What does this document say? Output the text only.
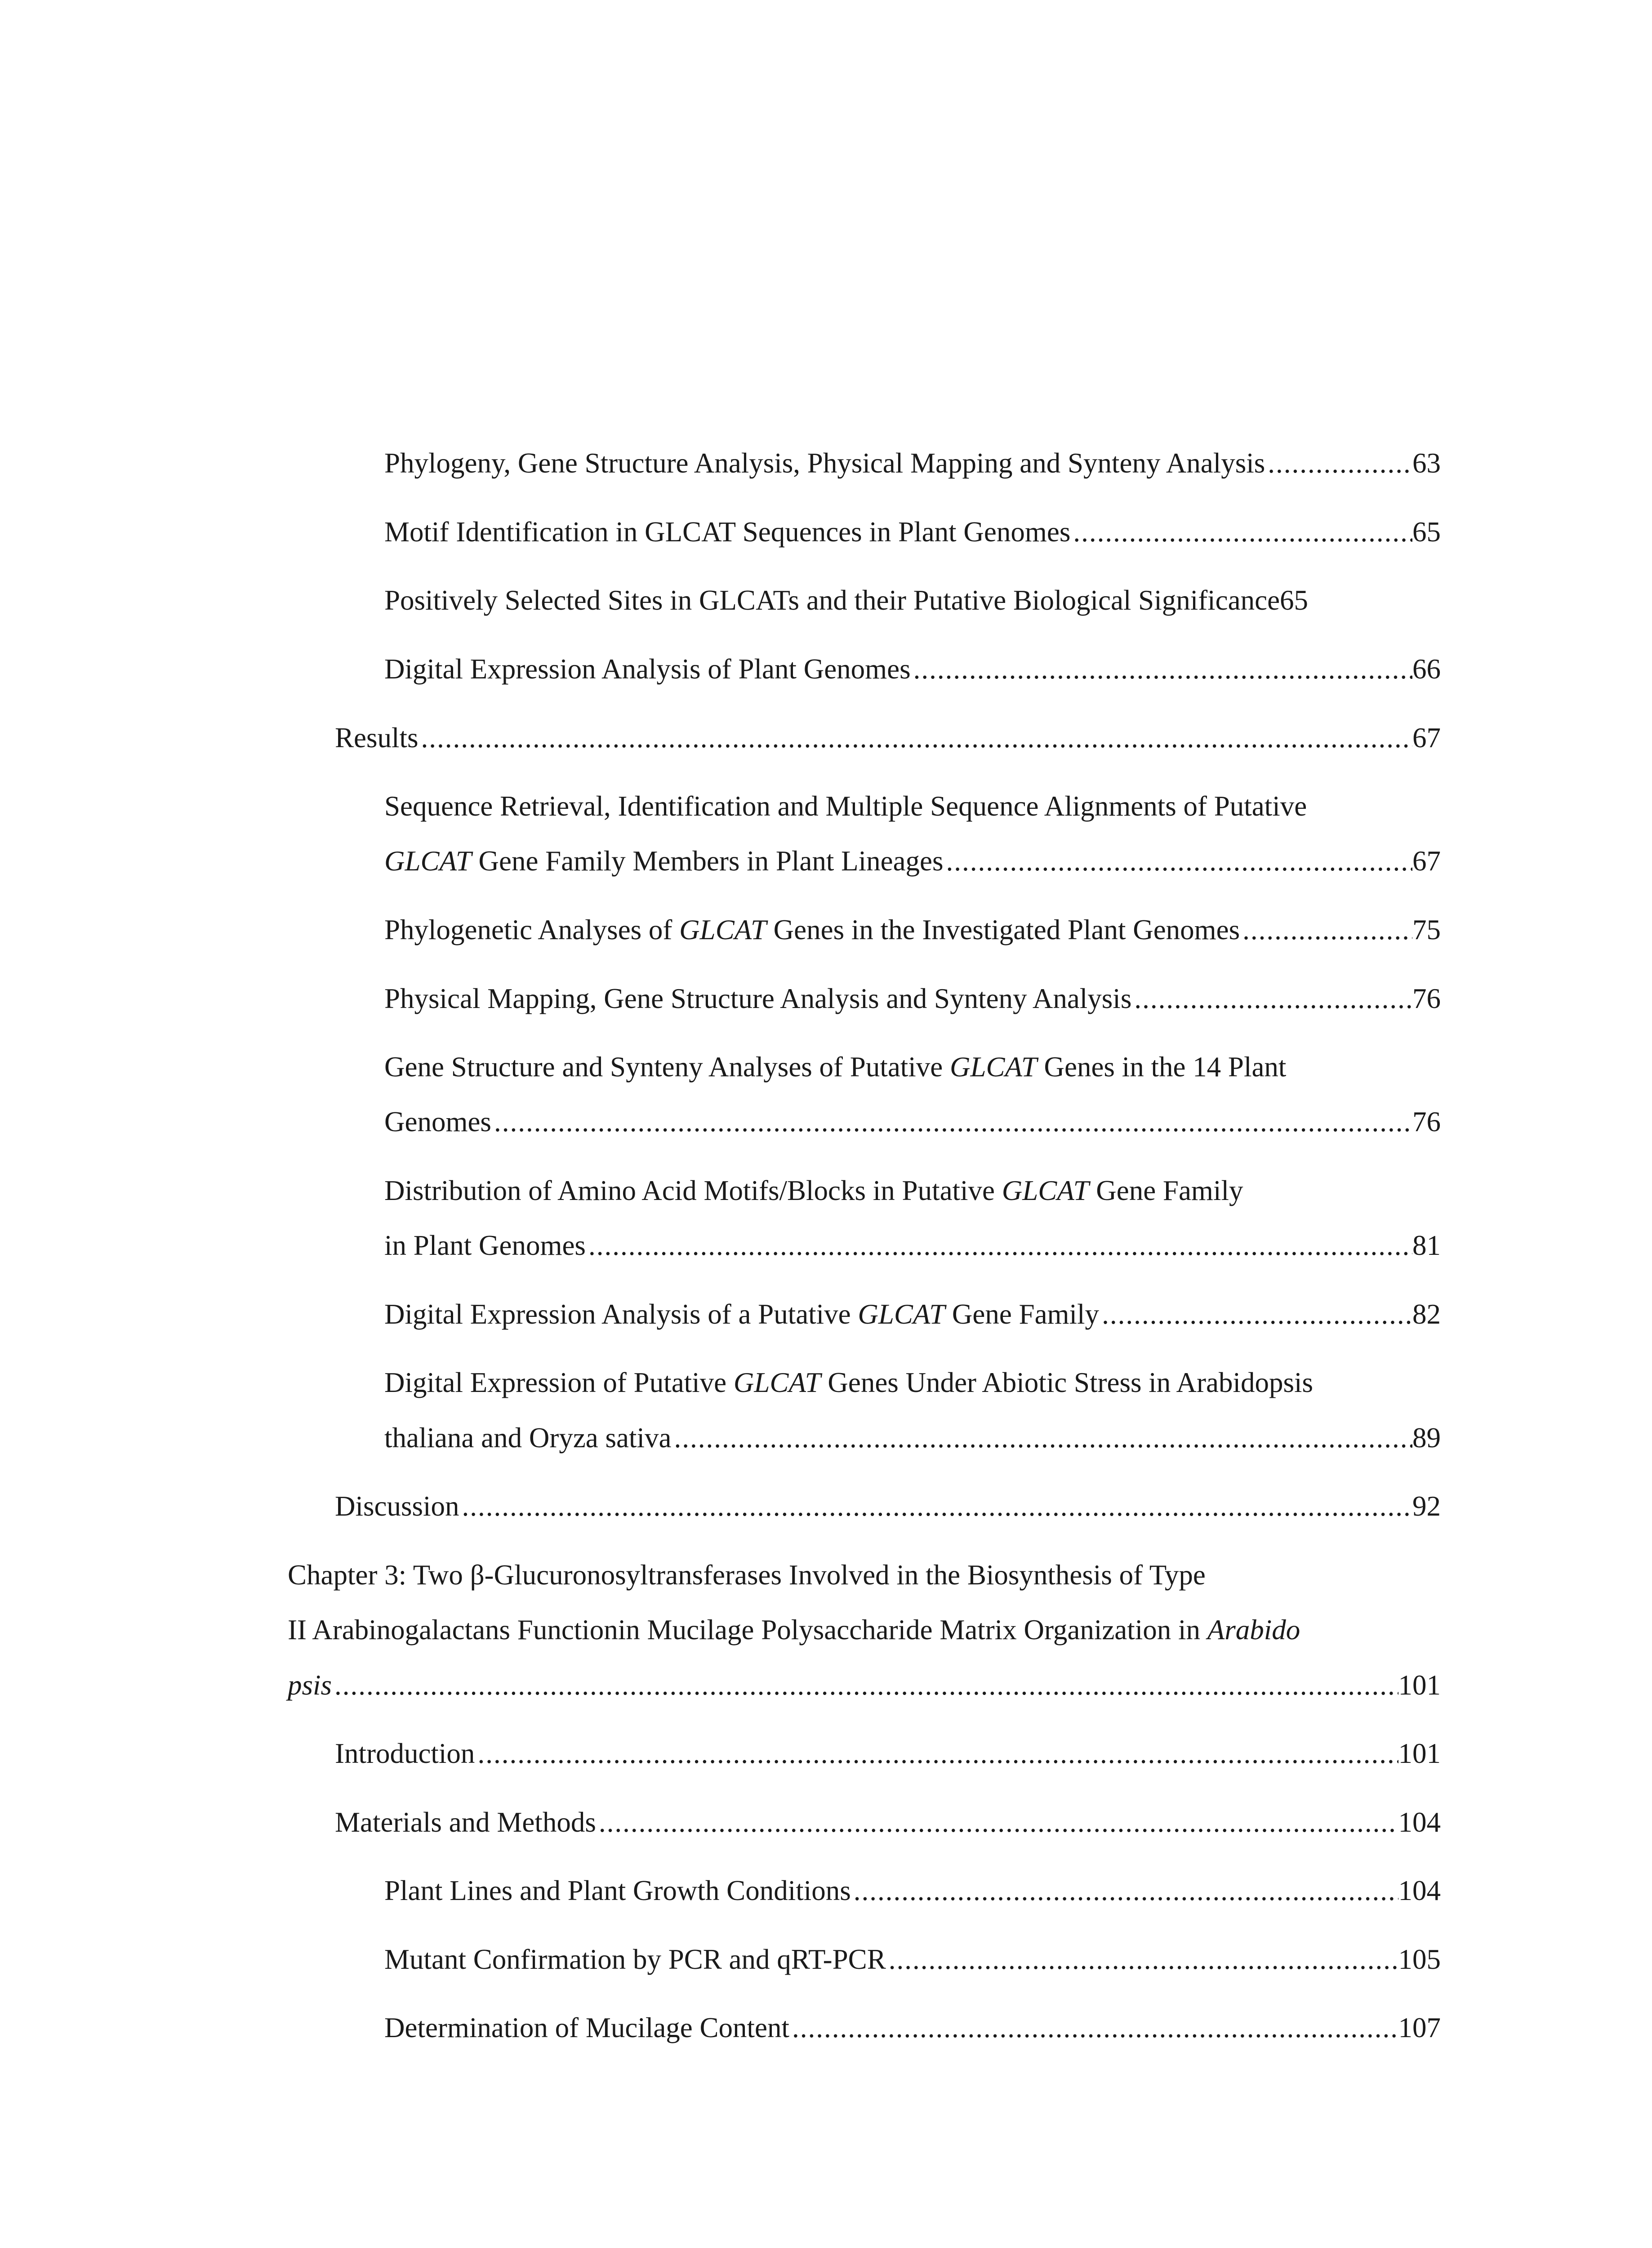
Phylogeny, Gene Structure Analysis, Physical Mapping and Synteny Analysis .....	63
Motif Identification in GLCAT Sequences in Plant Genomes .....	65
Positively Selected Sites in GLCATs and their Putative Biological Significance 65
Digital Expression Analysis of Plant Genomes .....	66
Results .....	67
Sequence Retrieval, Identification and Multiple Sequence Alignments of Putative
GLCAT Gene Family Members in Plant Lineages .....	67
Phylogenetic Analyses of GLCAT Genes in the Investigated Plant Genomes .....	75
Physical Mapping, Gene Structure Analysis and Synteny Analysis .....	76
Gene Structure and Synteny Analyses of Putative GLCAT Genes in the 14 Plant
Genomes .....	76
Distribution of Amino Acid Motifs/Blocks in Putative GLCAT Gene Family
in Plant Genomes .....	81
Digital Expression Analysis of a Putative GLCAT Gene Family .....	82
Digital Expression of Putative GLCAT Genes Under Abiotic Stress in Arabidopsis
thaliana and Oryza sativa .....	89
Discussion .....	92
Chapter 3: Two β-Glucuronosyltransferases Involved in the Biosynthesis of Type
II Arabinogalactans Functionin Mucilage Polysaccharide Matrix Organization in Arabido
psis .....	101
Introduction .....	101
Materials and Methods .....	104
Plant Lines and Plant Growth Conditions .....	104
Mutant Confirmation by PCR and qRT-PCR .....	105
Determination of Mucilage Content .....	107
